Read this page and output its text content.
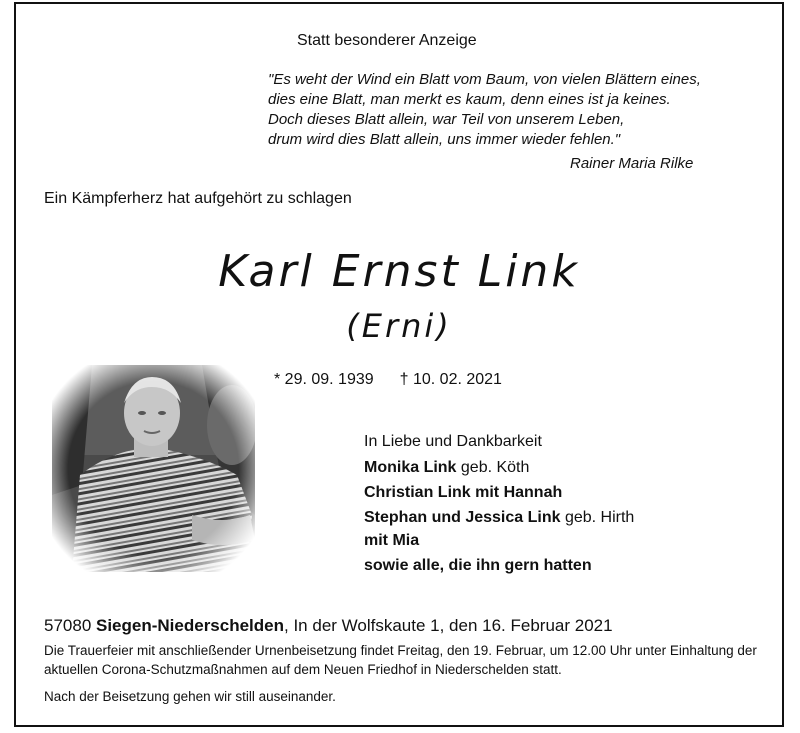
Statt besonderer Anzeige
"Es weht der Wind ein Blatt vom Baum, von vielen Blättern eines,
dies eine Blatt, man merkt es kaum, denn eines ist ja keines.
Doch dieses Blatt allein, war Teil von unserem Leben,
drum wird dies Blatt allein, uns immer wieder fehlen."
Rainer Maria Rilke
Ein Kämpferherz hat aufgehört zu schlagen
Karl Ernst Link
(Erni)
* 29. 09. 1939 † 10. 02. 2021
In Liebe und Dankbarkeit
Monika Link geb. Köth
Christian Link mit Hannah
Stephan und Jessica Link geb. Hirth
mit Mia
sowie alle, die ihn gern hatten
57080 Siegen-Niederschelden, In der Wolfskaute 1, den 16. Februar 2021
Die Trauerfeier mit anschließender Urnenbeisetzung findet Freitag, den 19. Februar, um 12.00 Uhr unter Einhaltung der aktuellen Corona-Schutzmaßnahmen auf dem Neuen Friedhof in Niederschelden statt.
Nach der Beisetzung gehen wir still auseinander.
